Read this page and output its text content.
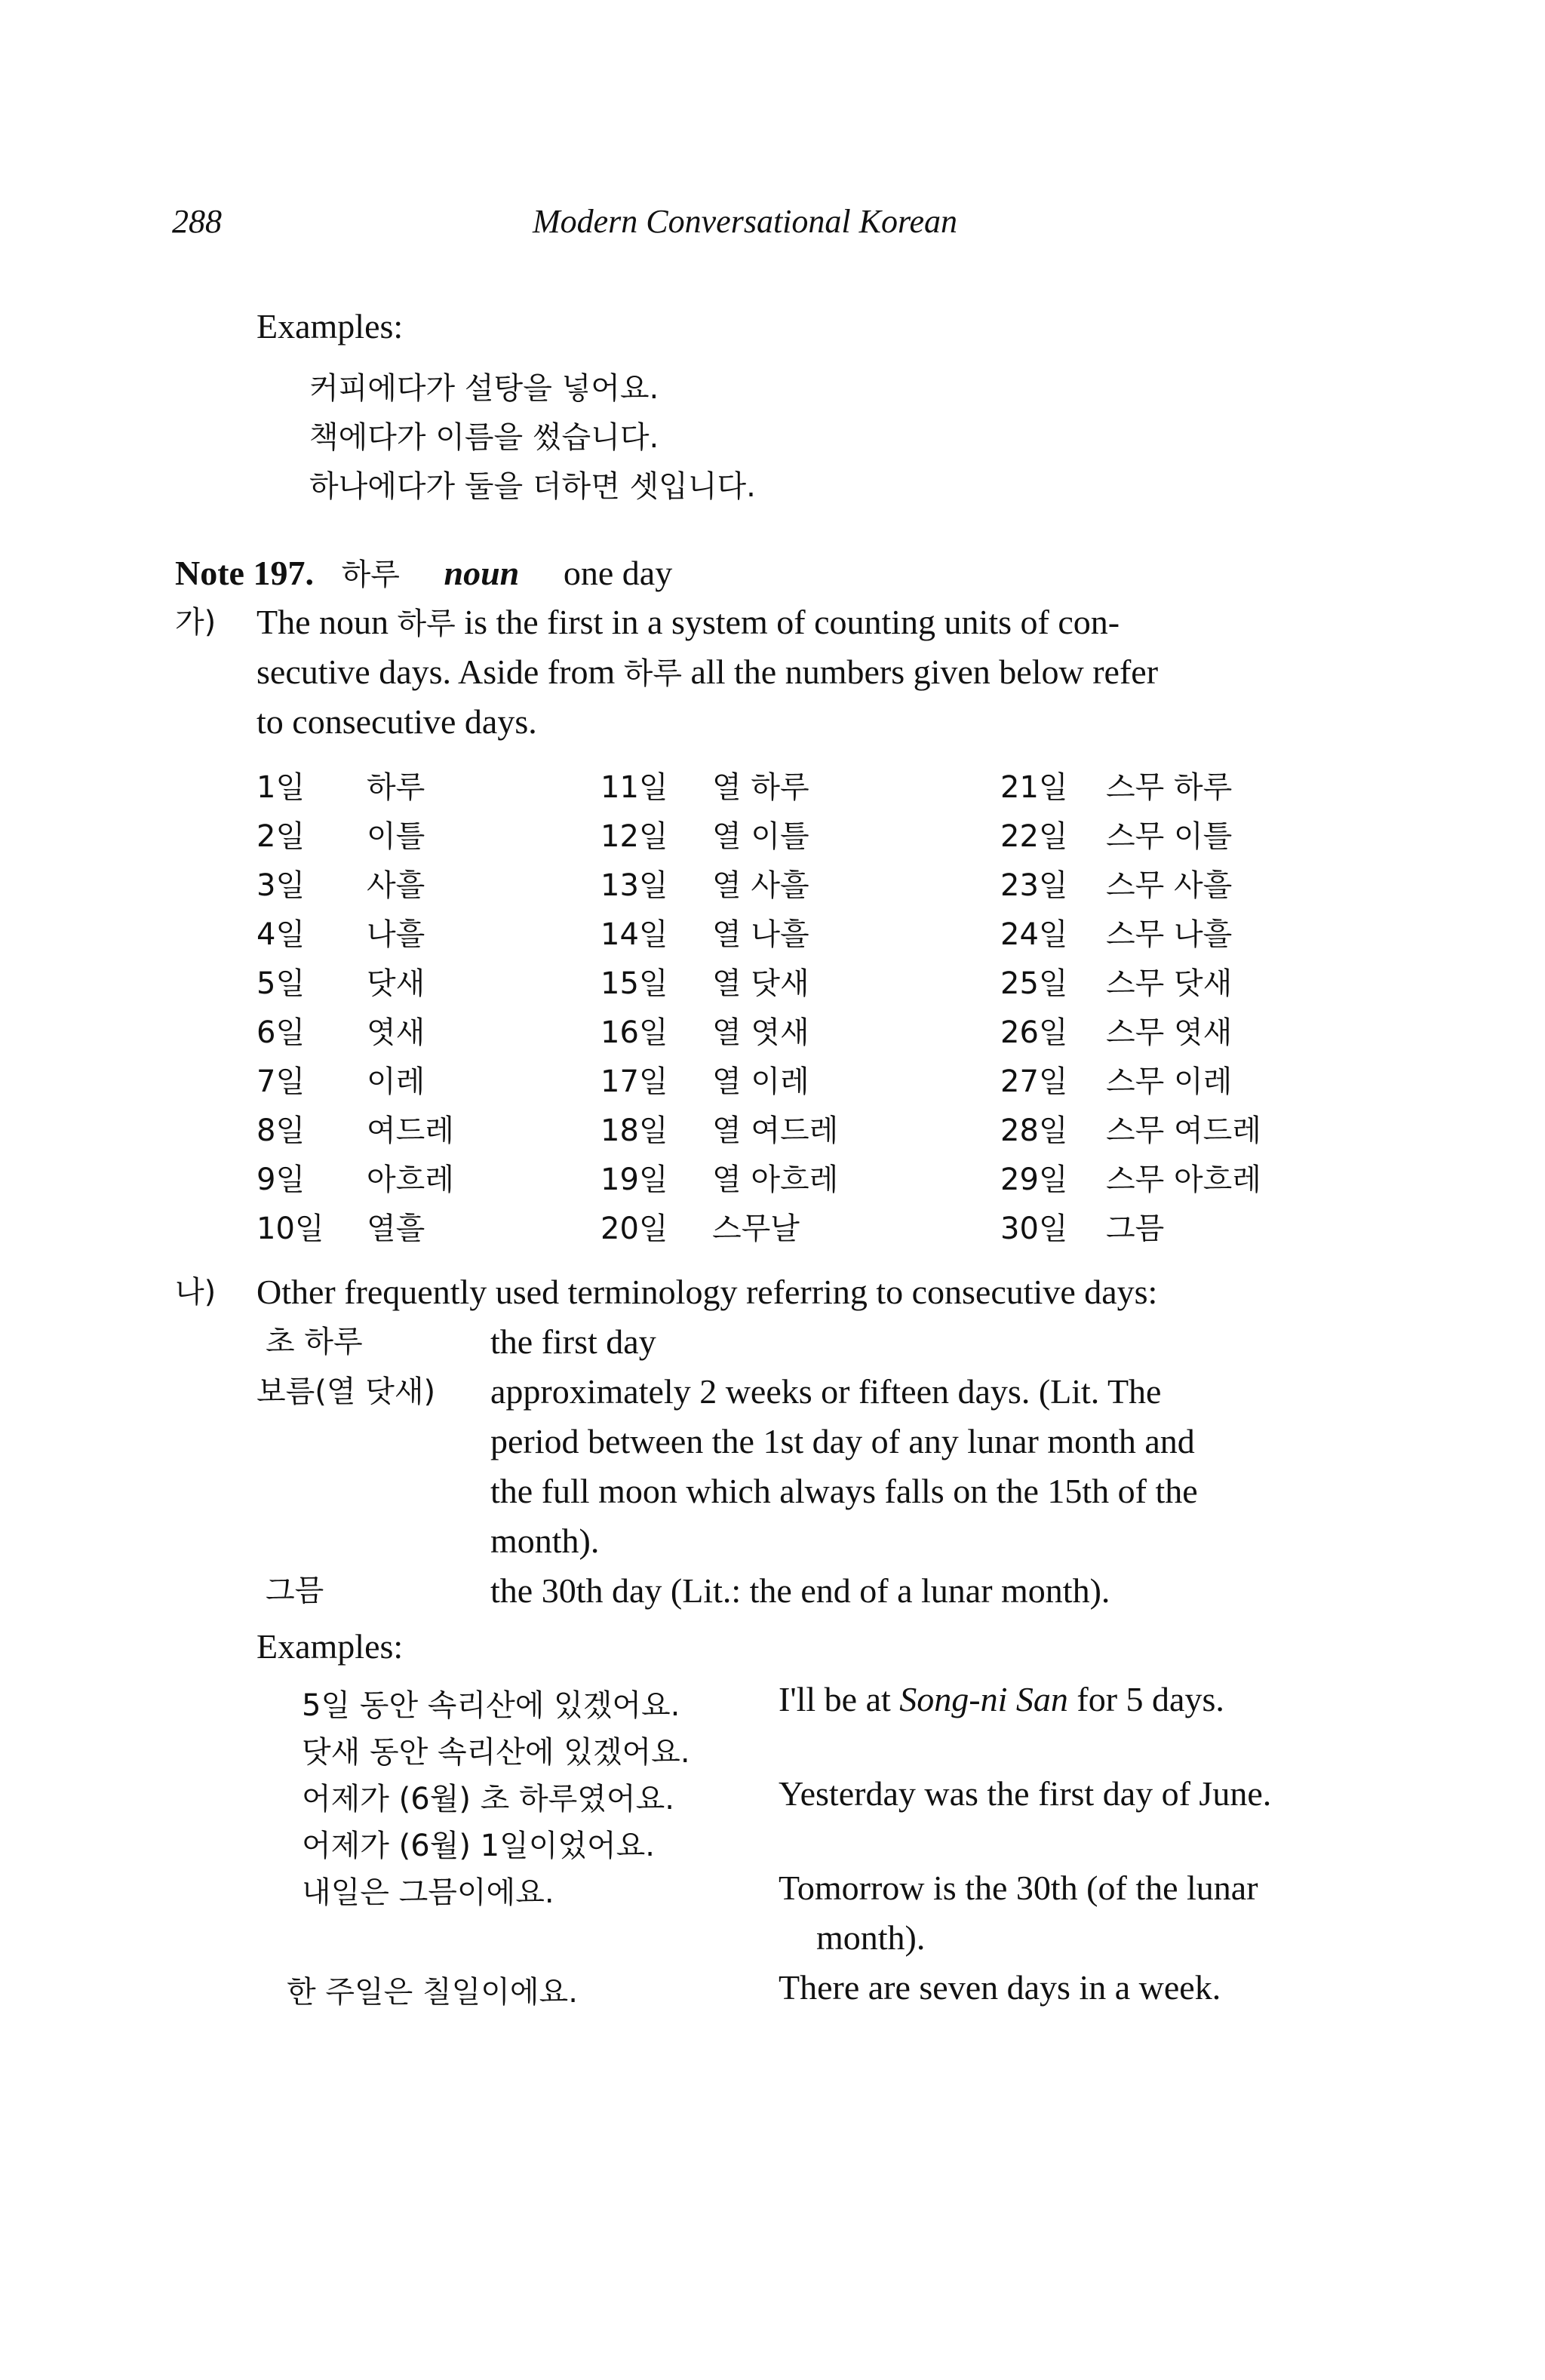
288	Modern Conversational Korean
Examples:
커피에다가 설탕을 넣어요.
책에다가 이름을 썼습니다.
하나에다가 둘을 더하면 셋입니다.
Note 197. 하루 noun one day
가) The noun 하루 is the first in a system of counting units of con-
secutive days. Aside from 하루 all the numbers given below refer
to consecutive days.
1일 하루	11일 열 하루	21일 스무 하루
2일 이틀	12일 열 이틀	22일 스무 이틀
3일 사흘	13일 열 사흘	23일 스무 사흘
4일 나흘	14일 열 나흘	24일 스무 나흘
5일 닷새	15일 열 닷새	25일 스무 닷새
6일 엿새	16일 열 엿새	26일 스무 엿새
7일 이레	17일 열 이레	27일 스무 이레
8일 여드레	18일 열 여드레	28일 스무 여드레
9일 아흐레	19일 열 아흐레	29일 스무 아흐레
10일 열흘	20일 스무날	30일 그믐
나) Other frequently used terminology referring to consecutive days:
초 하루	the first day
보름(열 닷새) approximately 2 weeks or fifteen days. (Lit. The
period between the 1st day of any lunar month and
the full moon which always falls on the 15th of the
month).
그믐	the 30th day (Lit.: the end of a lunar month).
Examples:
5일 동안 속리산에 있겠어요.	I'll be at Song-ni San for 5 days.
닷새 동안 속리산에 있겠어요.
어제가 (6월) 초 하루였어요.	Yesterday was the first day of June.
어제가 (6월) 1일이었어요.
내일은 그믐이에요.	Tomorrow is the 30th (of the lunar
month).
한 주일은 칠일이에요.	There are seven days in a week.
